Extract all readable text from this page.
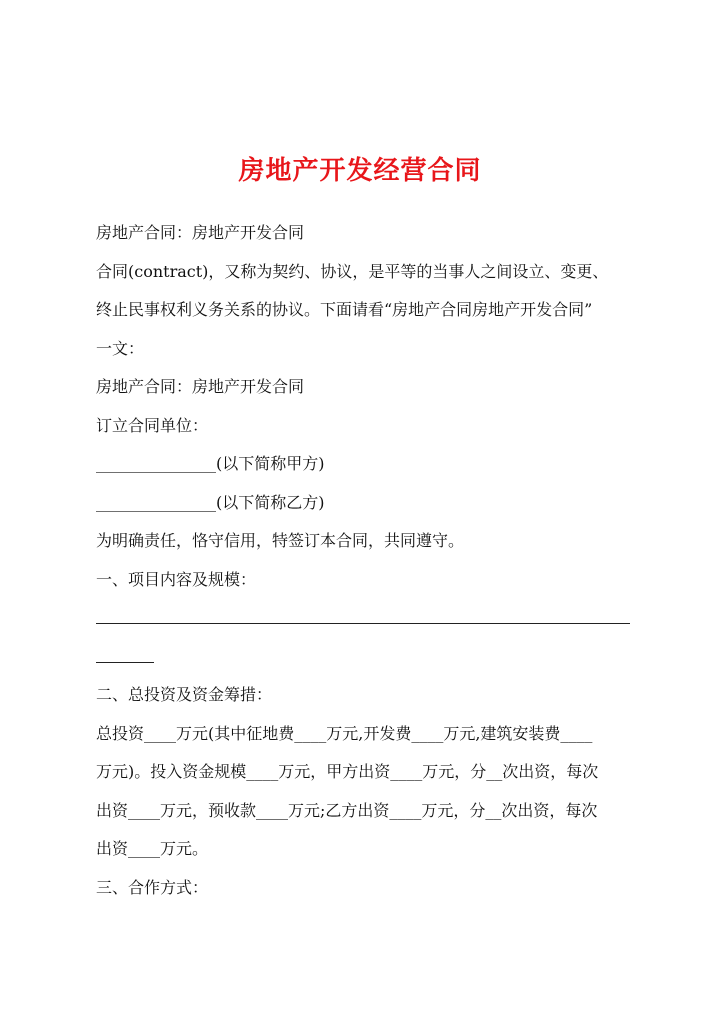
房地产开发经营合同
房地产合同：房地产开发合同
合同(contract)，又称为契约、协议，是平等的当事人之间设立、变更、
终止民事权利义务关系的协议。下面请看“房地产合同房地产开发合同”
一文：
房地产合同：房地产开发合同
订立合同单位：
_______________(以下简称甲方)
_______________(以下简称乙方)
为明确责任，恪守信用，特签订本合同，共同遵守。
一、项目内容及规模：
二、总投资及资金筹措：
总投资____万元(其中征地费____万元,开发费____万元,建筑安装费____
万元)。投入资金规模____万元，甲方出资____万元，分__次出资，每次
出资____万元，预收款____万元;乙方出资____万元，分__次出资，每次
出资____万元。
三、合作方式：
